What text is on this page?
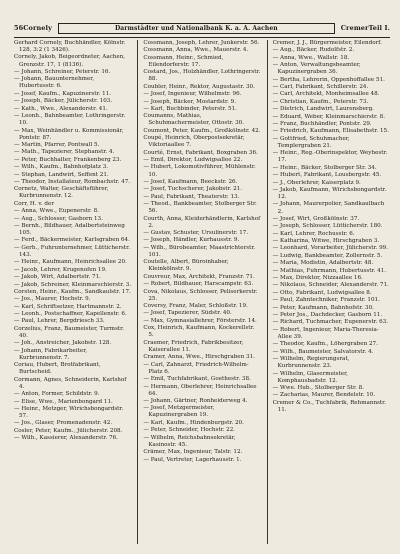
56 Cornely	Darmstädter und Nationalbank K. a. A. Aachen	Cremer Teil I.
Gerhard Cornely, Buchhändler, Kölnstr. 128, 3:2 (​1 3426).
Cornely, Jakob, Beigeordneter, Aachen, Grenzstr. 17, 1 (8136).
— Johann, Schreiner, Peterstr. 16.
— Johann, Bauunternehmer, Hubertusstr. 6.
— Josef, Kaufm., Kapuzinerstr. 11.
— Joseph, Bäcker, Jülicherstr. 103.
— Kath., Wwe., Alexanderstr. 41.
— Leonh., Bahnbeamter, Lothringerstr. 10.
— Max, Weinhändler u. Kommissionär, Pontstr. 87.
— Martin, Pfarrer, Pontwall 5.
— Math., Tapezierer, Stephanstr. 4.
— Peter, Buchhalter, Frankenberg 23.
— Wilh., Kaufm., Bahnhofplatz 3.
— Stephan, Landwirt, Seffent 21.
— Theodor, Installateur, Rombachstr. 47.
Cornetz, Walter, Geschäftsführer, Kurbrunnenstr. 12.
Corr, H. v. der
— Anna, Wwe., Eupenerstr. 8.
— Aug., Schlosser, Gasborn 13.
— Bernh., Bildhauer, Adalbertsteinweg 105.
— Ferd., Bäckermeister, Karlsgraben 64.
— Gerh., Fuhrunternehmer, Lütticherstr. 143.
— Heinr., Kaufmann, Heinrichsallee 20.
— Jacob, Lehrer, Krugenofen 19.
— Jakob, Wirt, Adalbertstr. 71.
— Jakob, Schreiner, Kleinmarschierstr. 3.
Corsten, Heinr., Kaufm., Sandkaulstr. 17.
— Jos., Maurer, Hochstr. 9.
— Karl, Schriftsetzer, Hartmannstr. 2.
— Leonh., Postschaffner, Kapellenstr. 6.
— Paul, Lehrer, Bergdriesch 33.
Corzelius, Franz, Baumeister, Turmstr. 40.
— Joh., Anstreicher, Jakobstr. 128.
— Johann, Fabrikarbeiter, Kurbrunnenstr. 7.
Coriau, Hubert, Brotfabrikant, Burtscheid.
Cormann, Agnes, Schneiderin, Karlshof 4.
— Anton, Former, Schildstr. 9.
— Elise, Wwe., Marienbongard 11.
— Heinr., Metzger, Wirichsbongardstr. 57.
— Jos., Glaser, Promenadenstr. 42.
Cosler, Peter, Kaufm., Jülicherstr. 208.
— Wilh., Kassierer, Alexanderstr. 76.
Cossmann, Joseph, Lehrer, Junkerstr. 56.
Cossmann, Anna, Wwe., Mauerstr. 4.
Cossmann, Heinr., Schmied, Eilendorferstr. 17.
Costard, Jos., Holzhändler, Lothringerstr. 88.
Coubler, Heinr., Rektor, Augustastr. 30.
— Josef, Ingenieur, Wilhelmstr. 96.
— Joseph, Bäcker, Mostardstr. 9.
— Karl, Buchbinder, Peterstr. 51.
Coumanns, Mathias, Schuhmachermeister, Ottostr. 30.
Coumont, Peter, Kaufm., Großkölnstr. 42.
Coupé, Heinrich, Oberpostsekretär, Viktoriaallee 7.
Courté, Ernst, Fabrikant, Boxgraben 36.
— Emil, Direktor, Ludwigsallee 22.
— Hubert, Lokomotivführer, Mühlenstr. 10.
— Josef, Kaufmann, Beeckstr. 26.
— Josef, Tuchscherer, Jakobstr. 21.
— Paul, Fabrikant, Theaterstr. 13.
— Theod., Bankbeamter, Stolberger Str. 56.
Courth, Anna, Kleiderhändlerin, Karlshof 2.
— Gustav, Schuster, Ursulinerstr. 17.
— Joseph, Händler, Kurhausstr. 9.
— Wilh., Bürobeamter, Maastrichterstr. 101.
Coutelle, Albert, Büroinhaber, Kleinkölnstr. 9.
Couvreur, Max, Architekt, Franzstr. 71.
— Robert, Bildhauer, Harscampstr. 63.
Cova, Nikolaus, Schlosser, Peliserkerstr. 25.
Coversy, Franz, Maler, Schloßstr. 19.
— Josef, Tapezierer, Südstr. 40.
— Max, Gymnasiallehrer, Försterstr. 14.
Cox, Heinrich, Kaufmann, Kockerellstr. 5.
Craemer, Friedrich, Fabrikbesitzer, Kaiserallee 11.
Cramer, Anna, Wwe., Hirschgraben 31.
— Carl, Zahnarzt, Friedrich-Wilhelm-Platz 6.
— Emil, Tuchfabrikant, Goethestr. 38.
— Hermann, Oberlehrer, Heinrichsallee 64.
— Johann, Gärtner, Ronheiderweg 4.
— Josef, Metzgermeister, Kapuzinergraben 19.
— Karl, Kaufm., Hindenburgstr. 20.
— Peter, Schneider, Hochstr. 22.
— Wilhelm, Reichsbahnsekretär, Kasinostr. 45.
Crämer, Max, Ingenieur, Talstr. 12.
— Paul, Vertreter, Lagerhausstr. 1.
Cremer, J. J., Bürgermeister, Eilendorf.
— Aug., Bäcker, Rudolfstr. 2.
— Anna, Wwe., Wallstr. 18.
— Anton, Verwaltungsbeamter, Kapuzinergraben 36.
— Bertha, Lehrerin, Oppenhoffallee 51.
— Carl, Fabrikant, Schillerstr. 24.
— Carl, Architekt, Monheimsallee 48.
— Christian, Kaufm., Peterstr. 73.
— Dietrich, Landwirt, Laurensberg.
— Eduard, Weber, Kleinmarschierstr. 8.
— Franz, Buchhändler, Pontstr. 29.
— Friedrich, Kaufmann, Elisabethstr. 15.
— Gottfried, Schuhmacher, Templergraben 21.
— Heinr., Reg.-Oberinspektor, Weyhestr. 17.
— Heinr., Bäcker, Stolberger Str. 34.
— Hubert, Fabrikant, Lousbergstr. 45.
— J., Oberlehrer, Kaiserplatz 9.
— Jakob, Kaufmann, Wirichsbongardstr. 12.
— Johann, Maurerpolier, Sandkaulbach 2.
— Josef, Wirt, Großkölnstr. 37.
— Joseph, Schlosser, Lütticherstr. 180.
— Karl, Lehrer, Rochusstr. 6.
— Katharina, Witwe, Hirschgraben 3.
— Leonhard, Vorarbeiter, Jülicherstr. 99.
— Ludwig, Bankbeamter, Zollernstr. 5.
— Maria, Modistin, Adalbertstr. 48.
— Mathias, Fuhrmann, Hubertusstr. 41.
— Max, Direktor, Nizzaallee 16.
— Nikolaus, Schneider, Alexanderstr. 71.
— Otto, Fabrikant, Ludwigsallee 8.
— Paul, Zahntechniker, Franzstr. 101.
— Peter, Kaufmann, Bahnhofstr. 30.
— Peter Jos., Dachdecker, Gasborn 11.
— Richard, Tuchmacher, Eupenerstr. 63.
— Robert, Ingenieur, Maria-Theresia-Allee 39.
— Theodor, Kaufm., Löhergraben 27.
— Wilh., Baumeister, Salvatorstr. 4.
— Wilhelm, Regierungsrat, Kurbrunnenstr. 23.
— Wilhelm, Glasermeister, Komphausbadstr. 12.
— Wwe. Hub., Stolberger Str. 8.
— Zacharias, Maurer, Bendelstr. 10.
Cremer & Co., Tuchfabrik, Rehmannstr. 11.
